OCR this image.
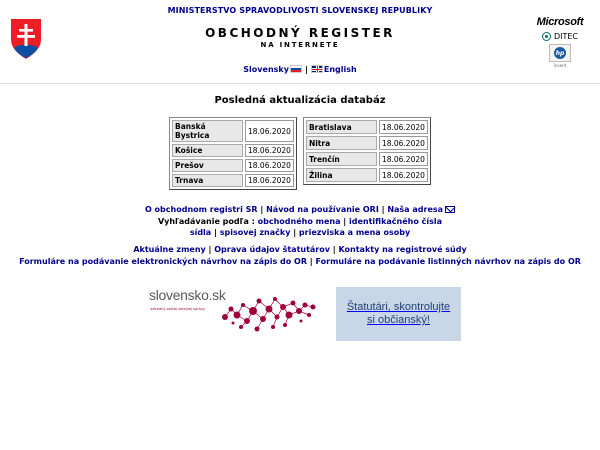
MINISTERSTVO SPRAVODLIVOSTI SLOVENSKEJ REPUBLIKY
OBCHODNÝ REGISTER
NA INTERNETE
Microsoft
DITEC
hp
invent
Slovensky | English
Posledná aktualizácia databáz
Banská Bystrica	18.06.2020
Košice	18.06.2020
Prešov	18.06.2020
Trnava	18.06.2020
Bratislava	18.06.2020
Nitra	18.06.2020
Trenčín	18.06.2020
Žilina	18.06.2020
O obchodnom registri SR | Návod na používanie ORI | Naša adresa
Vyhľadávanie podľa : obchodného mena | identifikačného čísla
sídla | spisovej značky | priezviska a mena osoby
Aktuálne zmeny | Oprava údajov štatutárov | Kontakty na registrové súdy
Formuláre na podávanie elektronických návrhov na zápis do OR | Formuláre na podávanie listinných návrhov na zápis do OR
slovensko.sk
ústredný portál verejnej správy	Štatutári, skontrolujte
si občianský!
